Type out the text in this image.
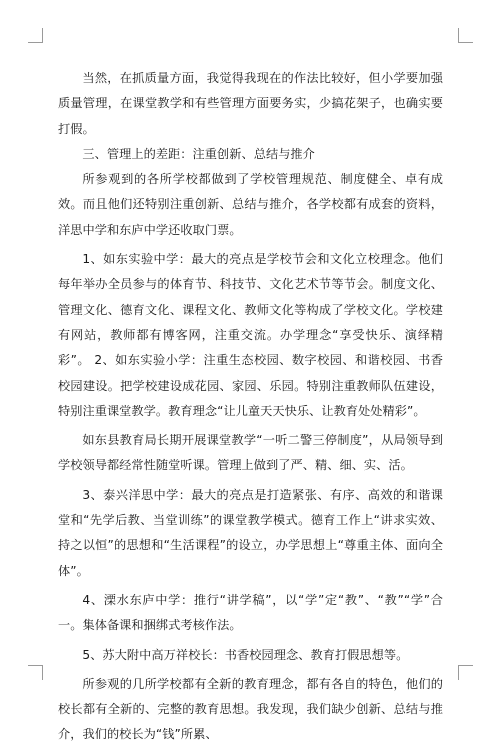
当然，在抓质量方面，我觉得我现在的作法比较好，但小学要加强质量管理，在课堂教学和有些管理方面要务实，少搞花架子，也确实要打假。

三、管理上的差距：注重创新、总结与推介

所参观到的各所学校都做到了学校管理规范、制度健全、卓有成效。而且他们还特别注重创新、总结与推介，各学校都有成套的资料，洋思中学和东庐中学还收取门票。

1、如东实验中学：最大的亮点是学校节会和文化立校理念。他们每年举办全员参与的体育节、科技节、文化艺术节等节会。制度文化、管理文化、德育文化、课程文化、教师文化等构成了学校文化。学校建有网站，教师都有博客网，注重交流。办学理念“享受快乐、演绎精彩”。 2、如东实验小学：注重生态校园、数字校园、和谐校园、书香校园建设。把学校建设成花园、家园、乐园。特别注重教师队伍建设，特别注重课堂教学。教育理念“让儿童天天快乐、让教育处处精彩”。

如东县教育局长期开展课堂教学“一听二警三停制度”，从局领导到学校领导都经常性随堂听课。管理上做到了严、精、细、实、活。

3、泰兴洋思中学：最大的亮点是打造紧张、有序、高效的和谐课堂和“先学后教、当堂训练”的课堂教学模式。德育工作上“讲求实效、持之以恒”的思想和“生活课程”的设立，办学思想上“尊重主体、面向全体”。

4、溧水东庐中学：推行“讲学稿”，以“学”定“教”、“教”“学”合一。集体备课和捆绑式考核作法。

5、苏大附中高万祥校长：书香校园理念、教育打假思想等。

所参观的几所学校都有全新的教育理念，都有各自的特色，他们的校长都有全新的、完整的教育思想。我发现，我们缺少创新、总结与推介，我们的校长为“钱”所累、
